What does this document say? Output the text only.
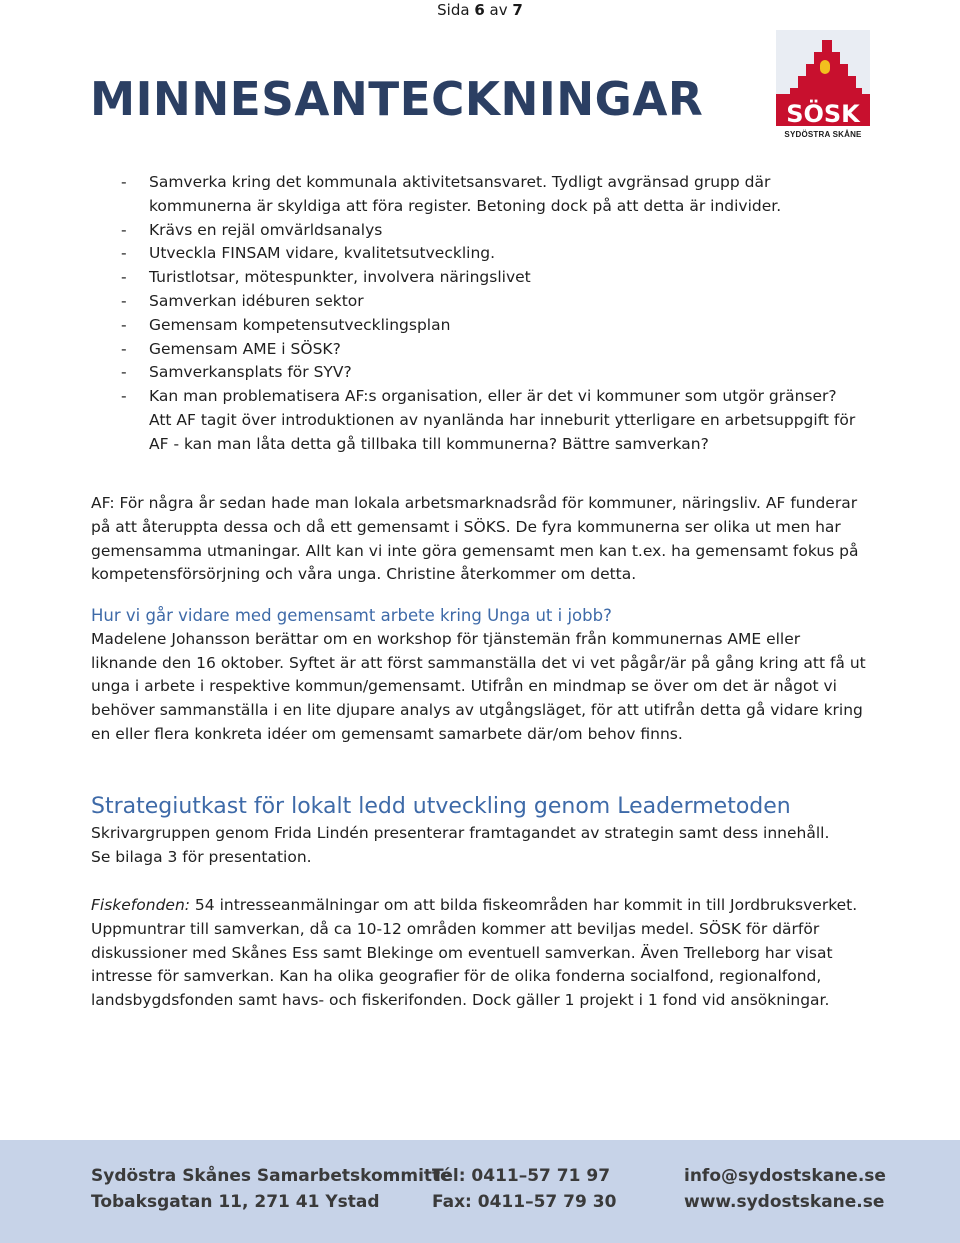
Sida 6 av 7
MINNESANTECKNINGAR	SÖSK
SYDÖSTRA SKÅNE
- Samverka kring det kommunala aktivitetsansvaret. Tydligt avgränsad grupp där
kommunerna är skyldiga att föra register. Betoning dock på att detta är individer.
- Krävs en rejäl omvärldsanalys
- Utveckla FINSAM vidare, kvalitetsutveckling.
- Turistlotsar, mötespunkter, involvera näringslivet
- Samverkan idéburen sektor
- Gemensam kompetensutvecklingsplan
- Gemensam AME i SÖSK?
- Samverkansplats för SYV?
- Kan man problematisera AF:s organisation, eller är det vi kommuner som utgör gränser?
Att AF tagit över introduktionen av nyanlända har inneburit ytterligare en arbetsuppgift för
AF - kan man låta detta gå tillbaka till kommunerna? Bättre samverkan?
AF: För några år sedan hade man lokala arbetsmarknadsråd för kommuner, näringsliv. AF funderar
på att återuppta dessa och då ett gemensamt i SÖKS. De fyra kommunerna ser olika ut men har
gemensamma utmaningar. Allt kan vi inte göra gemensamt men kan t.ex. ha gemensamt fokus på
kompetensförsörjning och våra unga. Christine återkommer om detta.
Hur vi går vidare med gemensamt arbete kring Unga ut i jobb?
Madelene Johansson berättar om en workshop för tjänstemän från kommunernas AME eller
liknande den 16 oktober. Syftet är att först sammanställa det vi vet pågår/är på gång kring att få ut
unga i arbete i respektive kommun/gemensamt. Utifrån en mindmap se över om det är något vi
behöver sammanställa i en lite djupare analys av utgångsläget, för att utifrån detta gå vidare kring
en eller flera konkreta idéer om gemensamt samarbete där/om behov finns.
Strategiutkast för lokalt ledd utveckling genom Leadermetoden
Skrivargruppen genom Frida Lindén presenterar framtagandet av strategin samt dess innehåll.
Se bilaga 3 för presentation.
Fiskefonden: 54 intresseanmälningar om att bilda fiskeområden har kommit in till Jordbruksverket.
Uppmuntrar till samverkan, då ca 10-12 områden kommer att beviljas medel. SÖSK för därför
diskussioner med Skånes Ess samt Blekinge om eventuell samverkan. Även Trelleborg har visat
intresse för samverkan. Kan ha olika geografier för de olika fonderna socialfond, regionalfond,
landsbygdsfonden samt havs- och fiskerifonden. Dock gäller 1 projekt i 1 fond vid ansökningar.
Sydöstra Skånes Samarbetskommitté
Tobaksgatan 11, 271 41 Ystad
Tel: 0411–57 71 97
Fax: 0411–57 79 30
info@sydostskane.se
www.sydostskane.se
